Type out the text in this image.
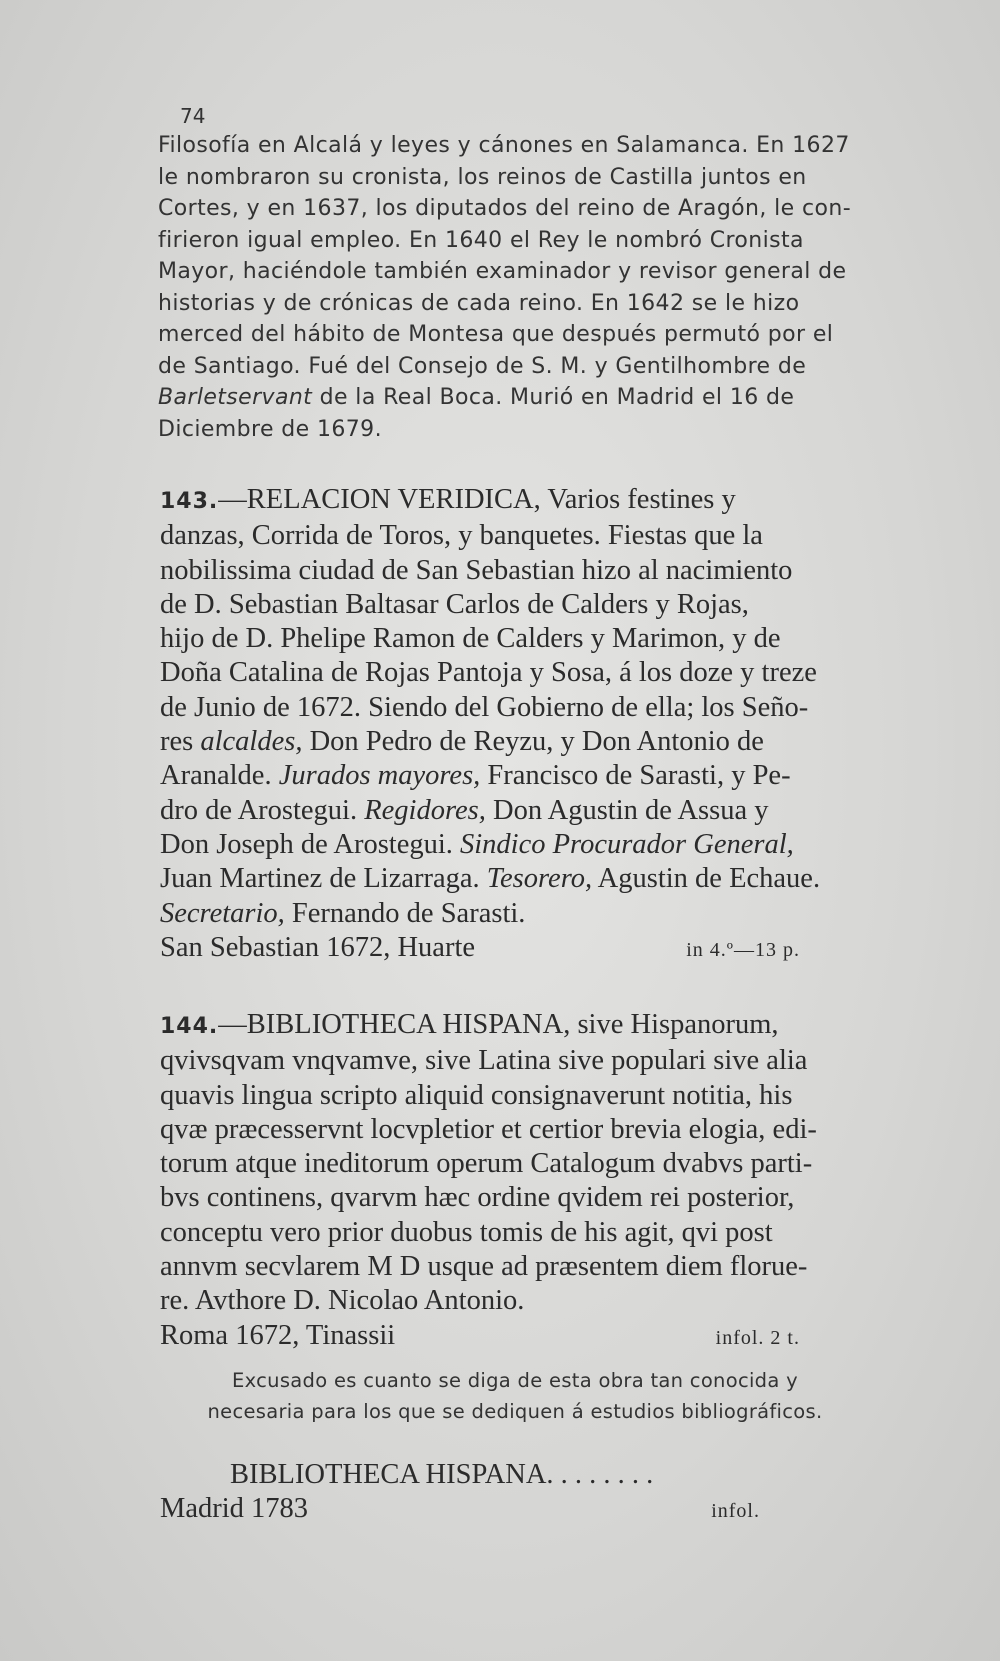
74
Filosofía en Alcalá y leyes y cánones en Salamanca. En 1627
le nombraron su cronista, los reinos de Castilla juntos en
Cortes, y en 1637, los diputados del reino de Aragón, le con-
firieron igual empleo. En 1640 el Rey le nombró Cronista
Mayor, haciéndole también examinador y revisor general de
historias y de crónicas de cada reino. En 1642 se le hizo
merced del hábito de Montesa que después permutó por el
de Santiago. Fué del Consejo de S. M. y Gentilhombre de
Barletservant de la Real Boca. Murió en Madrid el 16 de
Diciembre de 1679.
143.—RELACION VERIDICA, Varios festines y
danzas, Corrida de Toros, y banquetes. Fiestas que la
nobilissima ciudad de San Sebastian hizo al nacimiento
de D. Sebastian Baltasar Carlos de Calders y Rojas,
hijo de D. Phelipe Ramon de Calders y Marimon, y de
Doña Catalina de Rojas Pantoja y Sosa, á los doze y treze
de Junio de 1672. Siendo del Gobierno de ella; los Seño-
res alcaldes, Don Pedro de Reyzu, y Don Antonio de
Aranalde. Jurados mayores, Francisco de Sarasti, y Pe-
dro de Arostegui. Regidores, Don Agustin de Assua y
Don Joseph de Arostegui. Sindico Procurador General,
Juan Martinez de Lizarraga. Tesorero, Agustin de Echaue.
Secretario, Fernando de Sarasti.
San Sebastian 1672, Huarte	in 4.º—13 p.
144.—BIBLIOTHECA HISPANA, sive Hispanorum,
qvivsqvam vnqvamve, sive Latina sive populari sive alia
quavis lingua scripto aliquid consignaverunt notitia, his
qvæ præcesservnt locvpletior et certior brevia elogia, edi-
torum atque ineditorum operum Catalogum dvabvs parti-
bvs continens, qvarvm hæc ordine qvidem rei posterior,
conceptu vero prior duobus tomis de his agit, qvi post
annvm secvlarem M D usque ad præsentem diem floruе-
re. Avthore D. Nicolao Antonio.
Roma 1672, Tinassii	infol. 2 t.
Excusado es cuanto se diga de esta obra tan conocida y
necesaria para los que se dediquen á estudios bibliográficos.
BIBLIOTHECA HISPANA. . . . . . . .
Madrid 1783	infol.
